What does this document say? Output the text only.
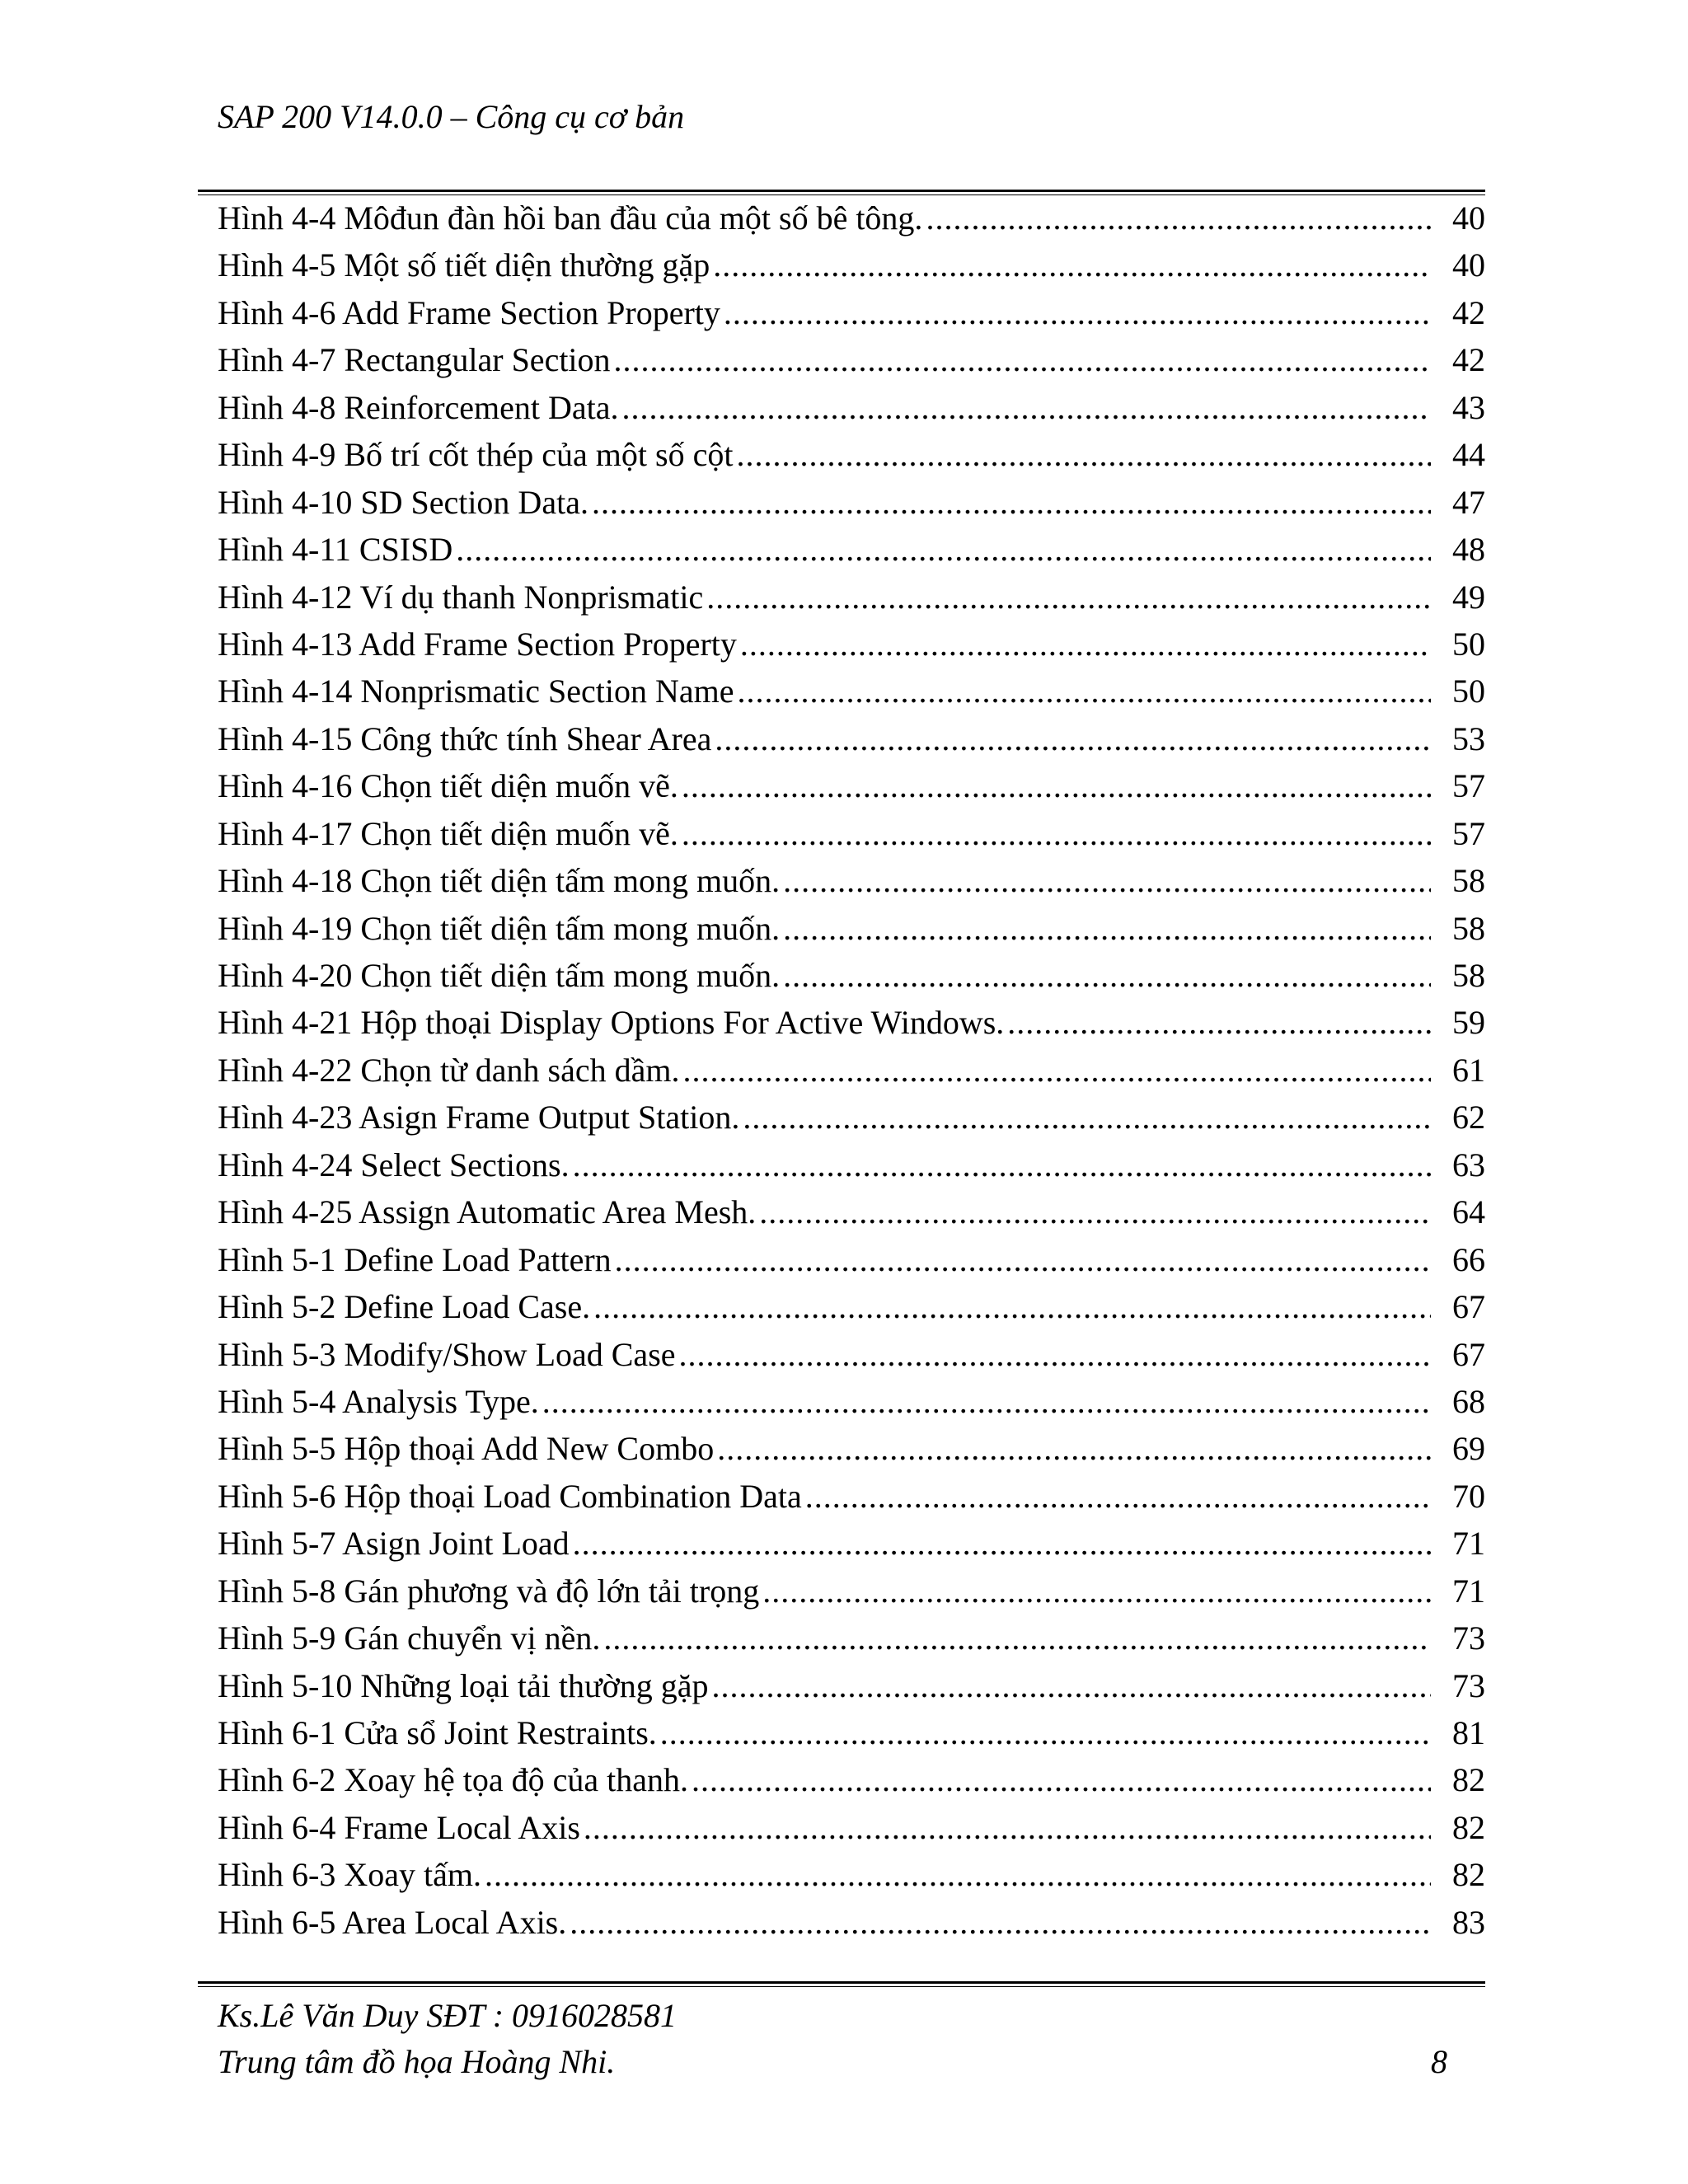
SAP 200 V14.0.0 – Công cụ cơ bản
Hình 4-4 Môđun đàn hồi ban đầu của một số bê tông. .....	40
Hình 4-5 Một số tiết diện thường gặp .....	40
Hình 4-6 Add Frame Section Property .....	42
Hình 4-7 Rectangular Section .....	42
Hình 4-8 Reinforcement Data. .....	43
Hình 4-9 Bố trí cốt thép của một số cột .....	44
Hình 4-10 SD Section Data. .....	47
Hình 4-11 CSISD .....	48
Hình 4-12 Ví dụ thanh Nonprismatic .....	49
Hình 4-13 Add Frame Section Property .....	50
Hình 4-14 Nonprismatic Section Name .....	50
Hình 4-15 Công thức tính Shear Area .....	53
Hình 4-16 Chọn tiết diện muốn vẽ. .....	57
Hình 4-17 Chọn tiết diện muốn vẽ. .....	57
Hình 4-18 Chọn tiết diện tấm mong muốn. .....	58
Hình 4-19 Chọn tiết diện tấm mong muốn. .....	58
Hình 4-20 Chọn tiết diện tấm mong muốn. .....	58
Hình 4-21 Hộp thoại Display Options For Active Windows. .....	59
Hình 4-22 Chọn từ danh sách dầm. .....	61
Hình 4-23 Asign Frame Output Station. .....	62
Hình 4-24 Select Sections. .....	63
Hình 4-25 Assign Automatic Area Mesh. .....	64
Hình 5-1 Define Load Pattern .....	66
Hình 5-2 Define Load Case. .....	67
Hình 5-3 Modify/Show Load Case .....	67
Hình 5-4 Analysis Type. .....	68
Hình 5-5 Hộp thoại Add New Combo .....	69
Hình 5-6 Hộp thoại Load Combination Data .....	70
Hình 5-7 Asign Joint Load .....	71
Hình 5-8 Gán phương và độ lớn tải trọng .....	71
Hình 5-9 Gán chuyển vị nền. .....	73
Hình 5-10 Những loại tải thường gặp .....	73
Hình 6-1 Cửa sổ Joint Restraints. .....	81
Hình 6-2 Xoay hệ tọa độ của thanh. .....	82
Hình 6-4 Frame Local Axis .....	82
Hình 6-3 Xoay tấm. .....	82
Hình 6-5 Area Local Axis. .....	83
Ks.Lê Văn Duy SĐT : 0916028581
Trung tâm đồ họa Hoàng Nhi.	8
